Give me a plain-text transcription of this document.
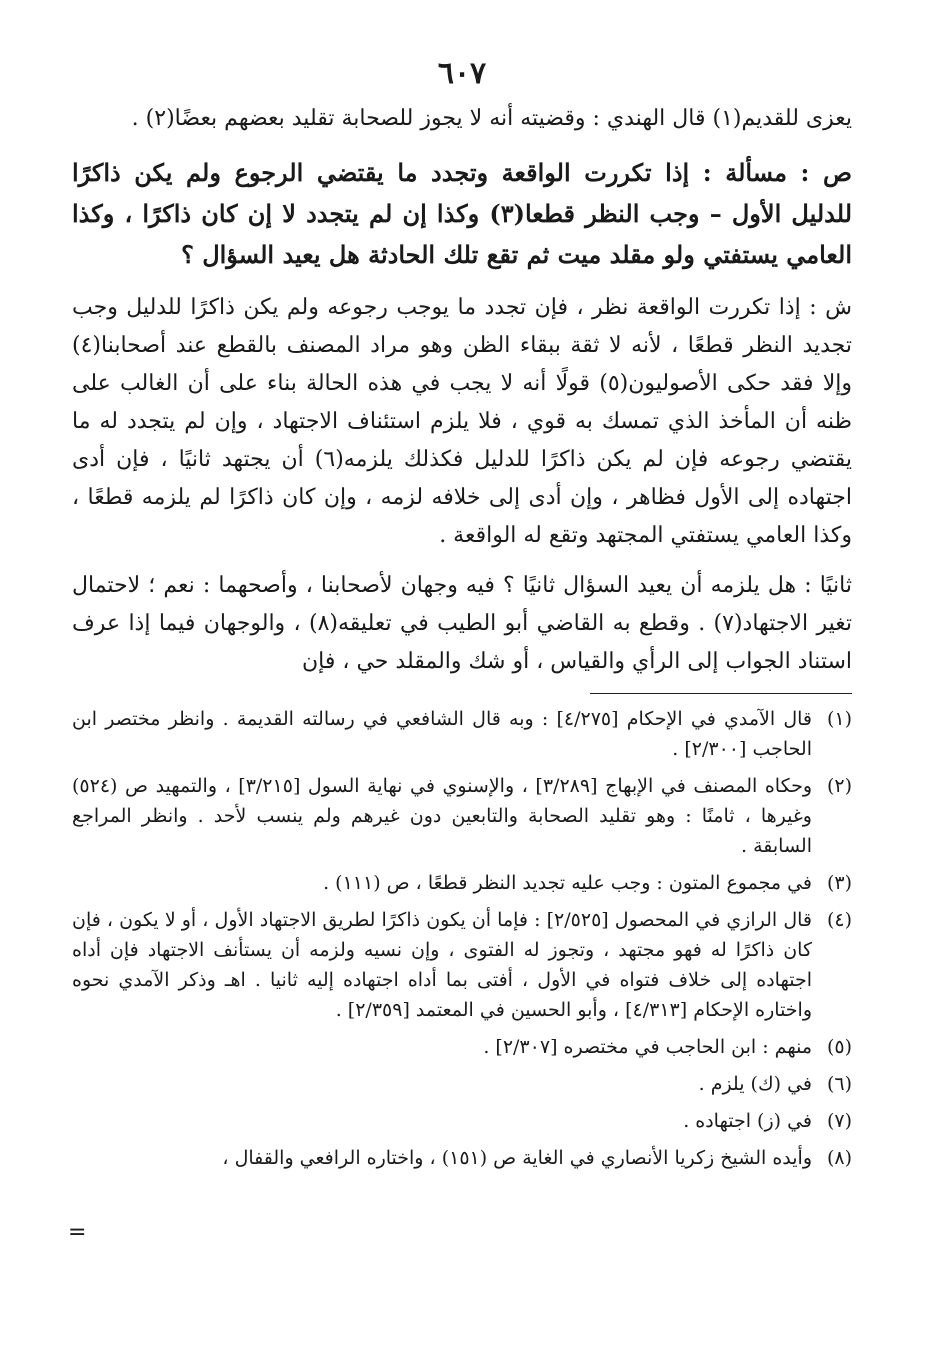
٦٠٧

يعزى للقديم(١) قال الهندي : وقضيته أنه لا يجوز للصحابة تقليد بعضهم بعضًا(٢) .

ص : مسألة : إذا تكررت الواقعة وتجدد ما يقتضي الرجوع ولم يكن ذاكرًا للدليل الأول – وجب النظر قطعا(٣) وكذا إن لم يتجدد لا إن كان ذاكرًا ، وكذا العامي يستفتي ولو مقلد ميت ثم تقع تلك الحادثة هل يعيد السؤال ؟

ش : إذا تكررت الواقعة نظر ، فإن تجدد ما يوجب رجوعه ولم يكن ذاكرًا للدليل وجب تجديد النظر قطعًا ، لأنه لا ثقة ببقاء الظن وهو مراد المصنف بالقطع عند أصحابنا(٤) وإلا فقد حكى الأصوليون(٥) قولًا أنه لا يجب في هذه الحالة بناء على أن الغالب على ظنه أن المأخذ الذي تمسك به قوي ، فلا يلزم استئناف الاجتهاد ، وإن لم يتجدد له ما يقتضي رجوعه فإن لم يكن ذاكرًا للدليل فكذلك يلزمه(٦) أن يجتهد ثانيًا ، فإن أدى اجتهاده إلى الأول فظاهر ، وإن أدى إلى خلافه لزمه ، وإن كان ذاكرًا لم يلزمه قطعًا ، وكذا العامي يستفتي المجتهد وتقع له الواقعة .

ثانيًا : هل يلزمه أن يعيد السؤال ثانيًا ؟ فيه وجهان لأصحابنا ، وأصحهما : نعم ؛ لاحتمال تغير الاجتهاد(٧) . وقطع به القاضي أبو الطيب في تعليقه(٨) ، والوجهان فيما إذا عرف استناد الجواب إلى الرأي والقياس ، أو شك والمقلد حي ، فإن

(١)
قال الآمدي في الإحكام [٤/٢٧٥] : وبه قال الشافعي في رسالته القديمة . وانظر مختصر ابن الحاجب [٢/٣٠٠] .
(٢)
وحكاه المصنف في الإبهاج [٣/٢٨٩] ، والإسنوي في نهاية السول [٣/٢١٥] ، والتمهيد ص (٥٢٤) وغيرها ، ثامنًا : وهو تقليد الصحابة والتابعين دون غيرهم ولم ينسب لأحد . وانظر المراجع السابقة .
(٣)
في مجموع المتون : وجب عليه تجديد النظر قطعًا ، ص (١١١) .
(٤)
قال الرازي في المحصول [٢/٥٢٥] : فإما أن يكون ذاكرًا لطريق الاجتهاد الأول ، أو لا يكون ، فإن كان ذاكرًا له فهو مجتهد ، وتجوز له الفتوى ، وإن نسيه ولزمه أن يستأنف الاجتهاد فإن أداه اجتهاده إلى خلاف فتواه في الأول ، أفتى بما أداه اجتهاده إليه ثانيا . اهـ وذكر الآمدي نحوه واختاره الإحكام [٤/٣١٣] ، وأبو الحسين في المعتمد [٢/٣٥٩] .
(٥)
منهم : ابن الحاجب في مختصره [٢/٣٠٧] .
(٦)
في (ك) يلزم .
(٧)
في (ز) اجتهاده .
(٨)
وأيده الشيخ زكريا الأنصاري في الغاية ص (١٥١) ، واختاره الرافعي والقفال ،
=
